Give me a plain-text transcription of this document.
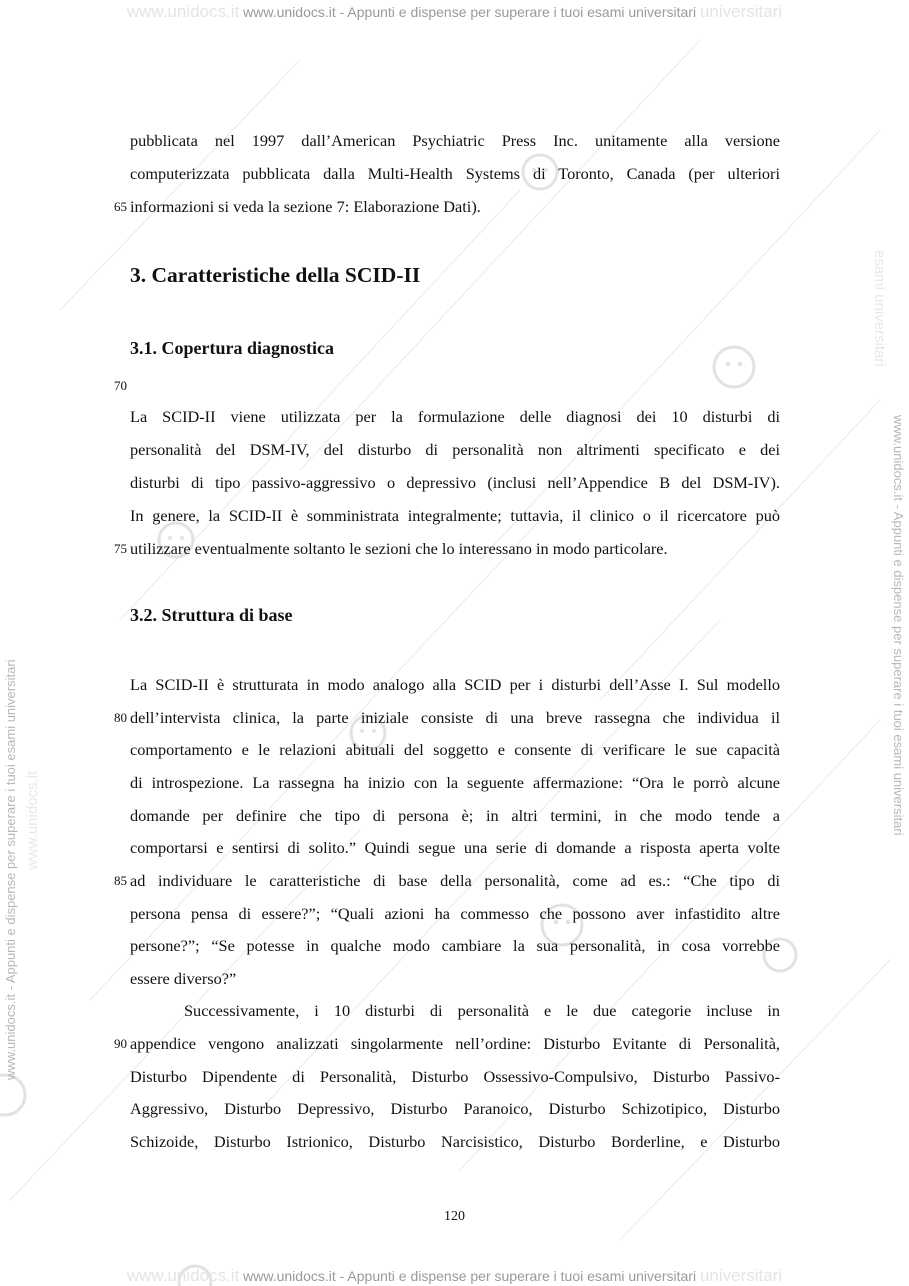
www.unidocs.it www.unidocs.it - Appunti e dispense per superare i tuoi esami universitari universitari
www.unidocs.it - Appunti e dispense per superare i tuoi esami universitari
www.unidocs.it - Appunti e dispense per superare i tuoi esami universitari
www.unidocs.it
esami universitari
pubblicata nel 1997 dall’American Psychiatric Press Inc. unitamente alla versione
computerizzata pubblicata dalla Multi-Health Systems di Toronto, Canada (per ulteriori
65 informazioni si veda la sezione 7: Elaborazione Dati).
3. Caratteristiche della SCID-II
3.1. Copertura diagnostica
70
La SCID-II viene utilizzata per la formulazione delle diagnosi dei 10 disturbi di
personalità del DSM-IV, del disturbo di personalità non altrimenti specificato e dei
disturbi di tipo passivo-aggressivo o depressivo (inclusi nell’Appendice B del DSM-IV).
In genere, la SCID-II è somministrata integralmente; tuttavia, il clinico o il ricercatore può
75 utilizzare eventualmente soltanto le sezioni che lo interessano in modo particolare.
3.2. Struttura di base
La SCID-II è strutturata in modo analogo alla SCID per i disturbi dell’Asse I. Sul modello
80 dell’intervista clinica, la parte iniziale consiste di una breve rassegna che individua il
comportamento e le relazioni abituali del soggetto e consente di verificare le sue capacità
di introspezione. La rassegna ha inizio con la seguente affermazione: “Ora le porrò alcune
domande per definire che tipo di persona è; in altri termini, in che modo tende a
comportarsi e sentirsi di solito.” Quindi segue una serie di domande a risposta aperta volte
85 ad individuare le caratteristiche di base della personalità, come ad es.: “Che tipo di
persona pensa di essere?”; “Quali azioni ha commesso che possono aver infastidito altre
persone?”; “Se potesse in qualche modo cambiare la sua personalità, in cosa vorrebbe
essere diverso?”
Successivamente, i 10 disturbi di personalità e le due categorie incluse in
90 appendice vengono analizzati singolarmente nell’ordine: Disturbo Evitante di Personalità,
Disturbo Dipendente di Personalità, Disturbo Ossessivo-Compulsivo, Disturbo Passivo-
Aggressivo, Disturbo Depressivo, Disturbo Paranoico, Disturbo Schizotipico, Disturbo
Schizoide, Disturbo Istrionico, Disturbo Narcisistico, Disturbo Borderline, e Disturbo
120
www.unidocs.it www.unidocs.it - Appunti e dispense per superare i tuoi esami universitari universitari
